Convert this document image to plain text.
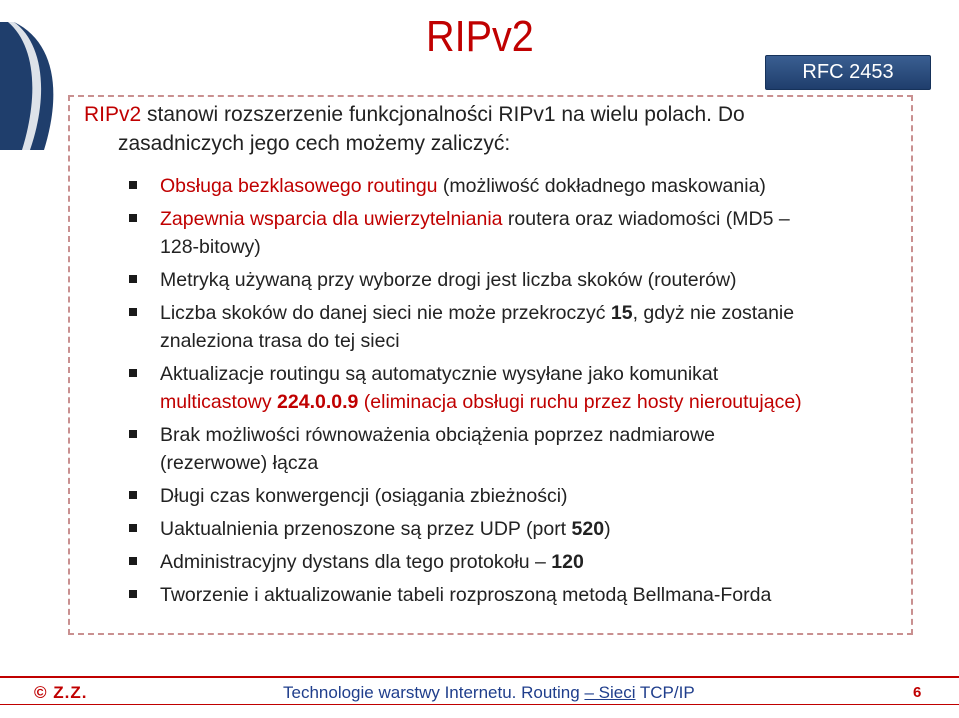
RIPv2
RFC 2453
RIPv2 stanowi rozszerzenie funkcjonalności RIPv1 na wielu polach. Do
zasadniczych jego cech możemy zaliczyć:
Obsługa bezklasowego routingu (możliwość dokładnego maskowania)
Zapewnia wsparcia dla uwierzytelniania routera oraz wiadomości (MD5 –
128-bitowy)
Metryką używaną przy wyborze drogi jest liczba skoków (routerów)
Liczba skoków do danej sieci nie może przekroczyć 15, gdyż nie zostanie
znaleziona trasa do tej sieci
Aktualizacje routingu są automatycznie wysyłane jako komunikat
multicastowy 224.0.0.9 (eliminacja obsługi ruchu przez hosty nieroutujące)
Brak możliwości równoważenia obciążenia poprzez nadmiarowe
(rezerwowe) łącza
Długi czas konwergencji (osiągania zbieżności)
Uaktualnienia przenoszone są przez UDP (port 520)
Administracyjny dystans dla tego protokołu – 120
Tworzenie i aktualizowanie tabeli rozproszoną metodą Bellmana-Forda
© Z.Z.	Technologie warstwy Internetu. Routing – Sieci TCP/IP	6
